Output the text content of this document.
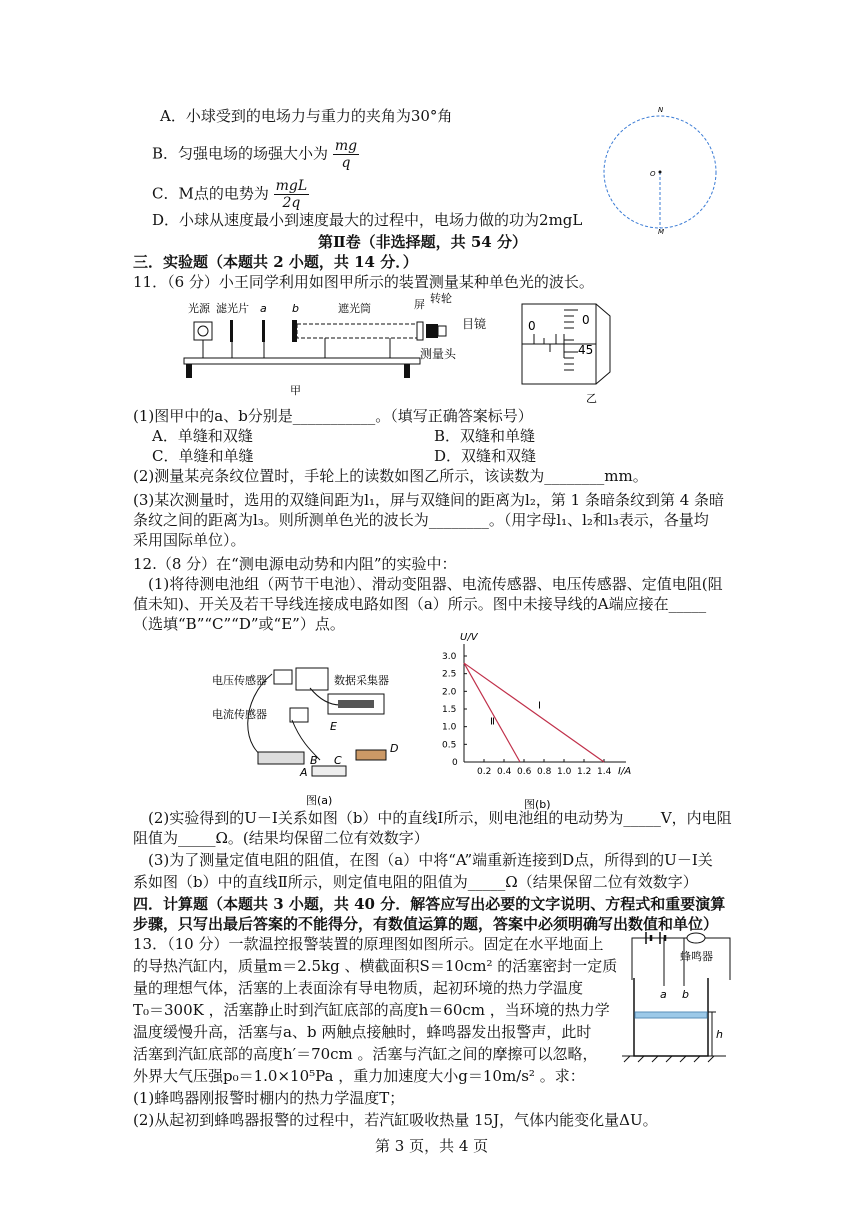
A．小球受到的电场力与重力的夹角为30°角
B．匀强电场的场强大小为 $\frac{mg}{q}$
C．M点的电势为 $\frac{\text{mgL}}{2q}$
D．小球从速度最小到速度最大的过程中，电场力做的功为2mgL
O
N
M
第Ⅱ卷（非选择题，共 54 分）
三．实验题（本题共 2 小题，共 14 分．）
11．（6 分）小王同学利用如图甲所示的装置测量某种单色光的波长。
光源 滤光片 a b	遮光筒	屏 转轮
甲
目镜
测量头
0	0
45
乙
(1)图甲中的a、b分别是___________。（填写正确答案标号）
A．单缝和双缝	B．双缝和单缝
C．单缝和单缝	D．双缝和双缝
(2)测量某亮条纹位置时，手轮上的读数如图乙所示，该读数为________mm。
(3)某次测量时，选用的双缝间距为l₁，屏与双缝间的距离为l₂，第 1 条暗条纹到第 4 条暗
条纹之间的距离为l₃。则所测单色光的波长为________。（用字母l₁、l₂和l₃表示，各量均
采用国际单位）。
12.（8 分）在“测电源电动势和内阻”的实验中：
(1)将待测电池组（两节干电池）、滑动变阻器、电流传感器、电压传感器、定值电阻(阻
值未知)、开关及若干导线连接成电路如图（a）所示。图中未接导线的A端应接在_____
（选填“B”“C”“D”或“E”）点。
电压传感器
电流传感器
数据采集器
E
B C
D
A
图(a)
U/V
I/A
0.2 0.4 0.6 0.8 1.0 1.2 1.4
0
0.5
1.0
1.5
2.0
2.5
3.0
Ⅰ
Ⅱ
图(b)
(2)实验得到的U－I关系如图（b）中的直线Ⅰ所示，则电池组的电动势为_____V，内电阻
阻值为_____Ω。(结果均保留二位有效数字）
(3)为了测量定值电阻的阻值，在图（a）中将“A”端重新连接到D点，所得到的U－I关
系如图（b）中的直线Ⅱ所示，则定值电阻的阻值为_____Ω（结果保留二位有效数字）
四．计算题（本题共 3 小题，共 40 分．解答应写出必要的文字说明、方程式和重要演算
步骤，只写出最后答案的不能得分，有数值运算的题，答案中必须明确写出数值和单位）
13．（10 分）一款温控报警装置的原理图如图所示。固定在水平地面上
的导热汽缸内，质量m＝2.5kg 、横截面积S＝10cm² 的活塞密封一定质
量的理想气体，活塞的上表面涂有导电物质，起初环境的热力学温度
T₀＝300K ，活塞静止时到汽缸底部的高度h＝60cm ，当环境的热力学
温度缓慢升高，活塞与a、b 两触点接触时，蜂鸣器发出报警声，此时
活塞到汽缸底部的高度h′＝70cm 。活塞与汽缸之间的摩擦可以忽略，
外界大气压强p₀＝1.0×10⁵Pa ，重力加速度大小g＝10m/s² 。求：
(1)蜂鸣器刚报警时棚内的热力学温度T；
(2)从起初到蜂鸣器报警的过程中，若汽缸吸收热量 15J，气体内能变化量ΔU。
蜂鸣器
a b
h
第 3 页，共 4 页
